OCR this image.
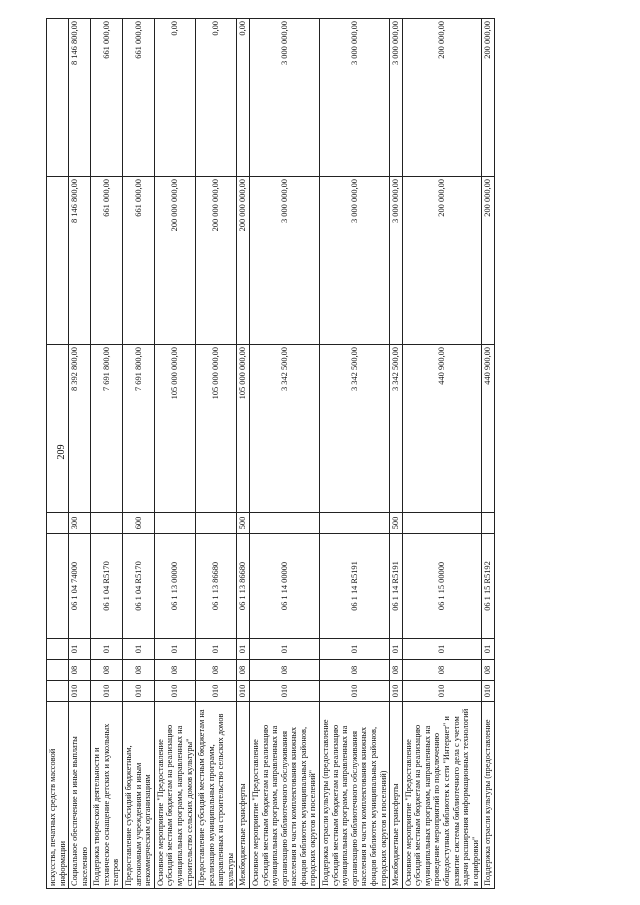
209
искусства, печатных средств массовой информации								
Социальное обеспечение и иные выплаты населению	010	08	01	06 1 04 74000	300	8 392 800,00	8 146 800,00	8 146 800,00
Поддержка творческой деятельности и техническое оснащение детских и кукольных театров	010	08	01	06 1 04 R5170		7 691 800,00	661 000,00	661 000,00
Предоставление субсидий бюджетным, автономным учреждениям и иным некоммерческим организациям	010	08	01	06 1 04 R5170	600	7 691 800,00	661 000,00	661 000,00
Основное мероприятие "Предоставление субсидий местным бюджетам на реализацию муниципальных программ, направленных на строительство сельских домов культуры"	010	08	01	06 1 13 00000		105 000 000,00	200 000 000,00	0,00
Предоставление субсидий местным бюджетам на реализацию муниципальных программ, направленных на строительство сельских домов культуры	010	08	01	06 1 13 86680		105 000 000,00	200 000 000,00	0,00
Межбюджетные трансферты	010	08	01	06 1 13 86680	500	105 000 000,00	200 000 000,00	0,00
Основное мероприятие "Предоставление субсидий местным бюджетам на реализацию муниципальных программ, направленных на организацию библиотечного обслуживания населения в части комплектования книжных фондов библиотек муниципальных районов, городских округов и поселений"	010	08	01	06 1 14 00000		3 342 500,00	3 000 000,00	3 000 000,00
Поддержка отрасли культуры (предоставление субсидий местным бюджетам на реализацию муниципальных программ, направленных на организацию библиотечного обслуживания населения в части комплектования книжных фондов библиотек муниципальных районов, городских округов и поселений)	010	08	01	06 1 14 R5191		3 342 500,00	3 000 000,00	3 000 000,00
Межбюджетные трансферты	010	08	01	06 1 14 R5191	500	3 342 500,00	3 000 000,00	3 000 000,00
Основное мероприятие "Предоставление субсидий местным бюджетам на реализацию муниципальных программ, направленных на проведение мероприятий по подключению общедоступных библиотек к сети "Интернет" и развитие системы библиотечного дела с учетом задачи расширения информационных технологий и оцифровки"	010	08	01	06 1 15 00000		440 900,00	200 000,00	200 000,00
Поддержка отрасли культуры (предоставление	010	08	01	06 1 15 R5192		440 900,00	200 000,00	200 000,00
